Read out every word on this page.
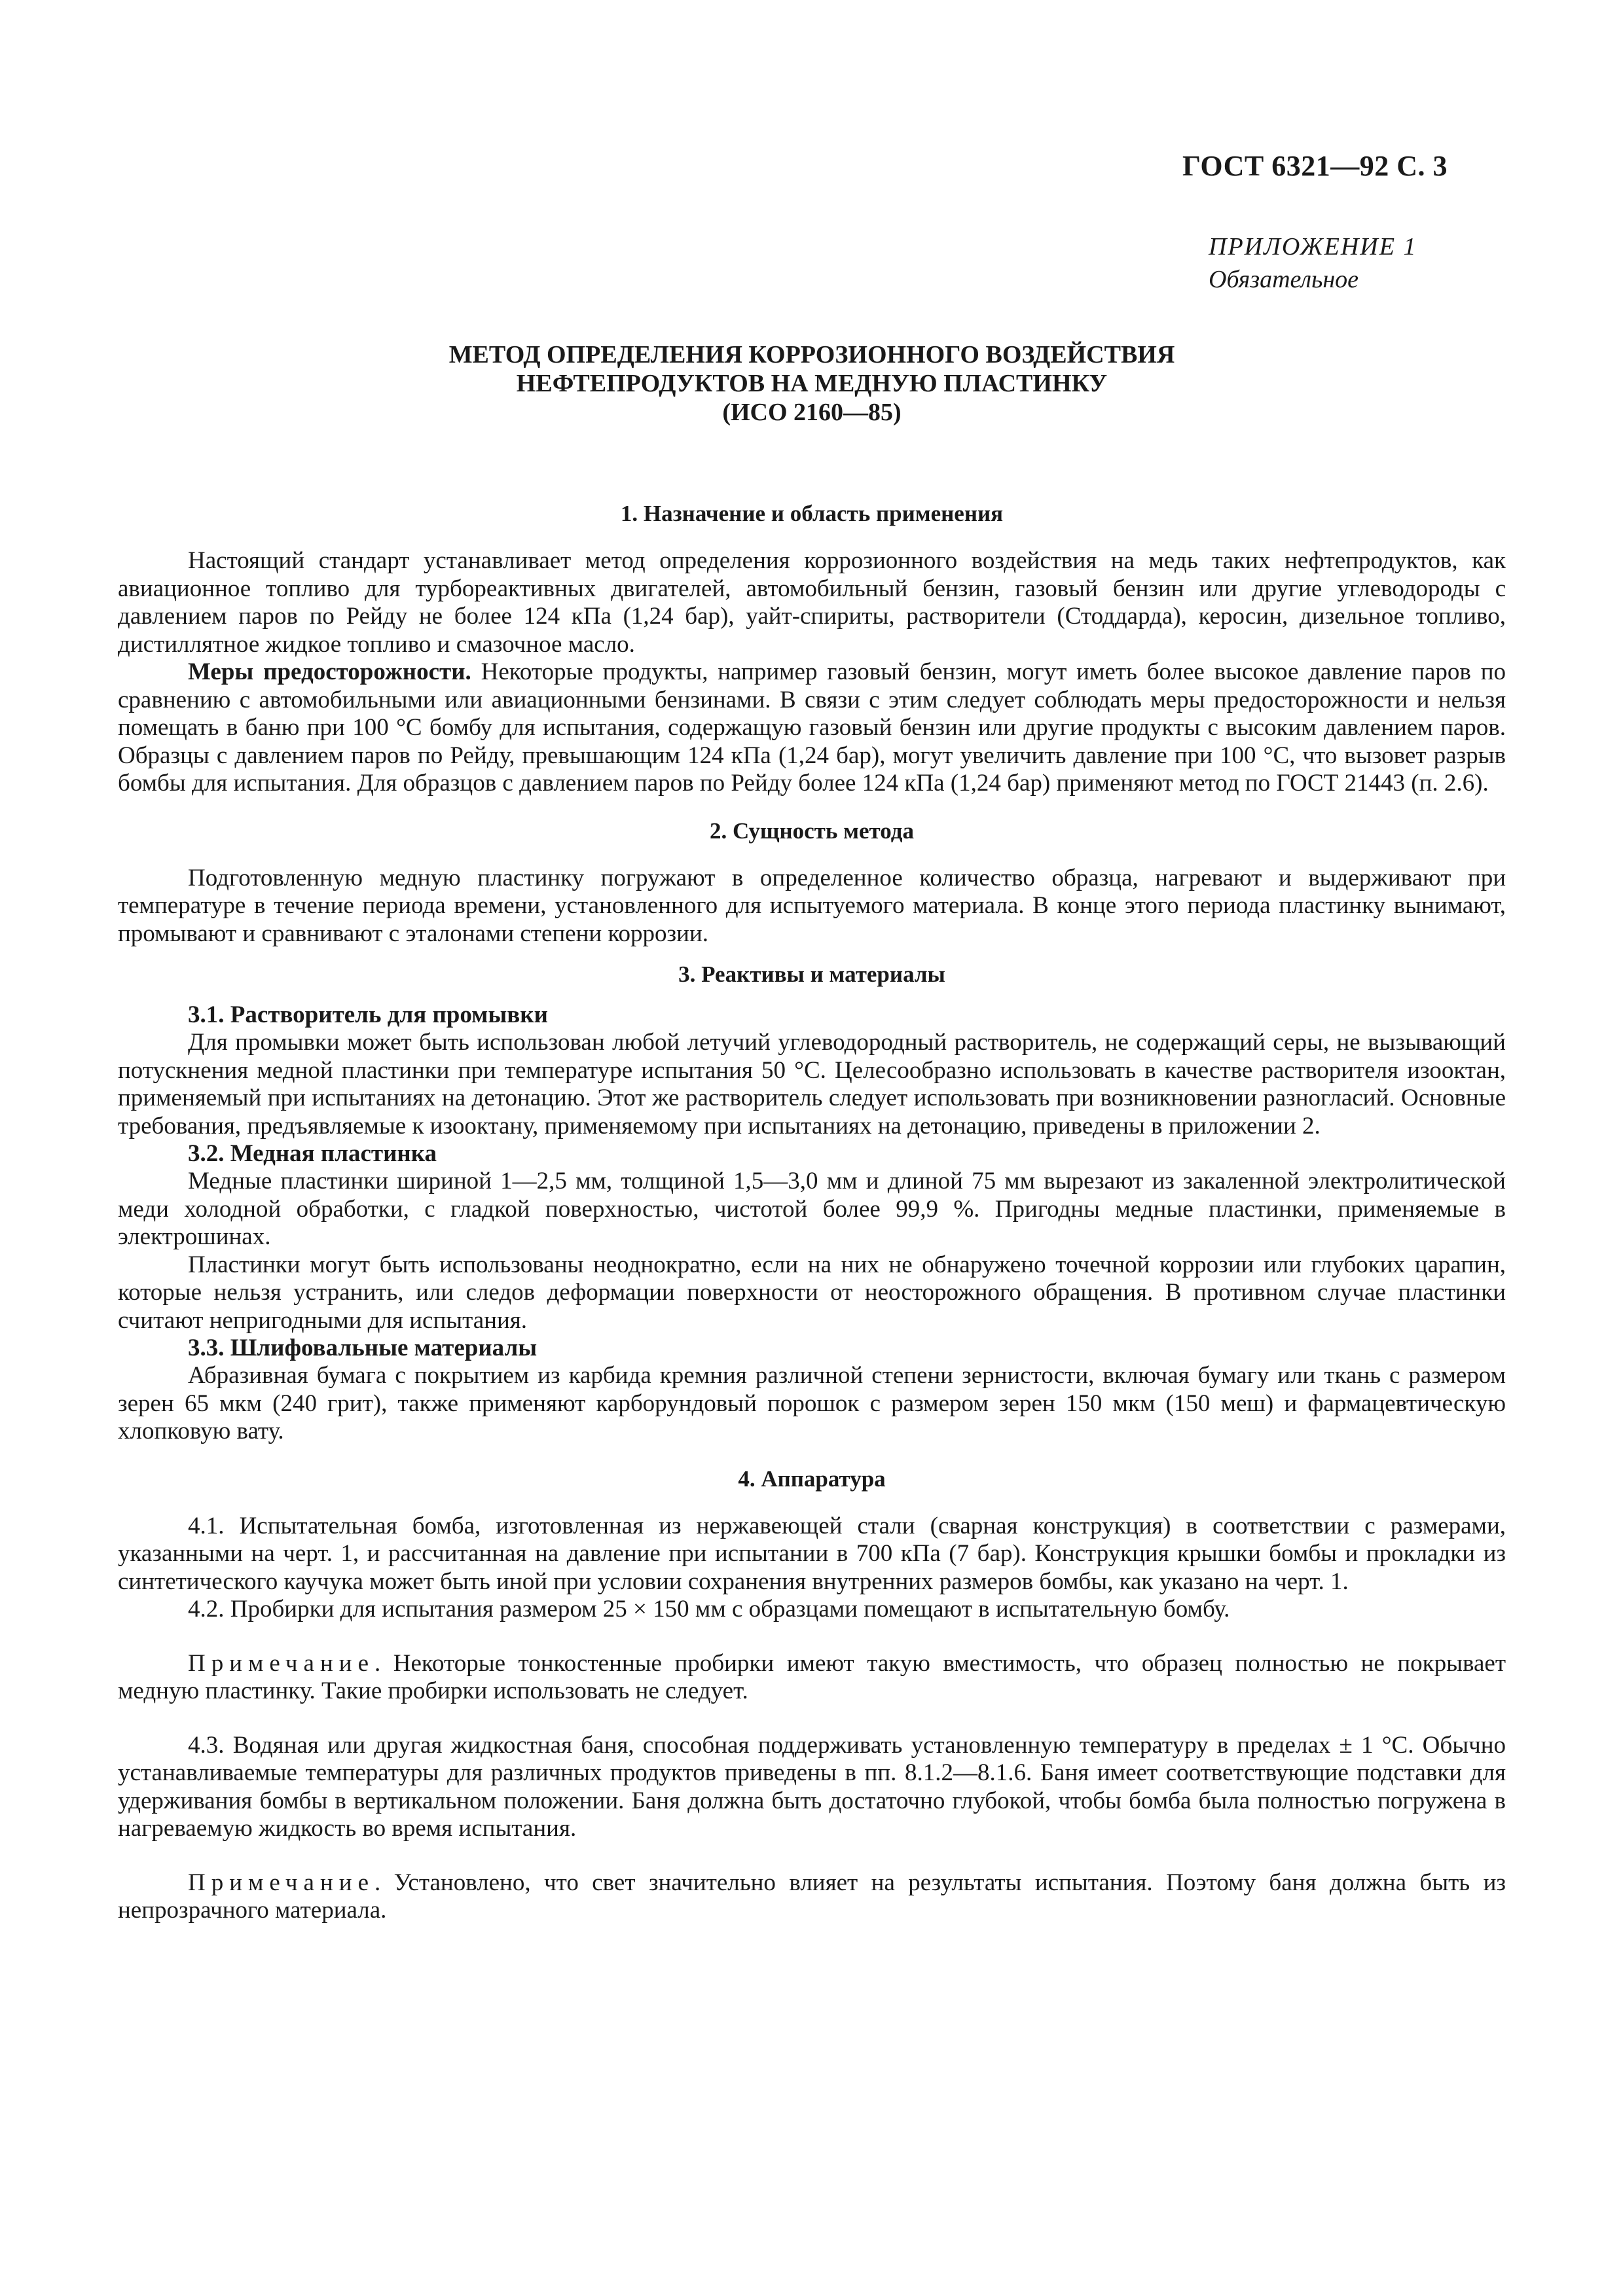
ГОСТ 6321—92 С. 3
ПРИЛОЖЕНИЕ 1
Обязательное
МЕТОД ОПРЕДЕЛЕНИЯ КОРРОЗИОННОГО ВОЗДЕЙСТВИЯ
НЕФТЕПРОДУКТОВ НА МЕДНУЮ ПЛАСТИНКУ
(ИСО 2160—85)
1. Назначение и область применения

Настоящий стандарт устанавливает метод определения коррозионного воздействия на медь таких нефтепродуктов, как авиационное топливо для турбореактивных двигателей, автомобильный бензин, газовый бензин или другие углеводороды с давлением паров по Рейду не более 124 кПа (1,24 бар), уайт-спириты, растворители (Стоддарда), керосин, дизельное топливо, дистиллятное жидкое топливо и смазочное масло.

Меры предосторожности. Некоторые продукты, например газовый бензин, могут иметь более высокое давление паров по сравнению с автомобильными или авиационными бензинами. В связи с этим следует соблюдать меры предосторожности и нельзя помещать в баню при 100 °С бомбу для испытания, содержащую газовый бензин или другие продукты с высоким давлением паров. Образцы с давлением паров по Рейду, превышающим 124 кПа (1,24 бар), могут увеличить давление при 100 °С, что вызовет разрыв бомбы для испытания. Для образцов с давлением паров по Рейду более 124 кПа (1,24 бар) применяют метод по ГОСТ 21443 (п. 2.6).

2. Сущность метода

Подготовленную медную пластинку погружают в определенное количество образца, нагревают и выдерживают при температуре в течение периода времени, установленного для испытуемого материала. В конце этого периода пластинку вынимают, промывают и сравнивают с эталонами степени коррозии.

3. Реактивы и материалы

3.1. Растворитель для промывки

Для промывки может быть использован любой летучий углеводородный растворитель, не содержащий серы, не вызывающий потускнения медной пластинки при температуре испытания 50 °С. Целесообразно использовать в качестве растворителя изооктан, применяемый при испытаниях на детонацию. Этот же растворитель следует использовать при возникновении разногласий. Основные требования, предъявляемые к изооктану, применяемому при испытаниях на детонацию, приведены в приложении 2.

3.2. Медная пластинка

Медные пластинки шириной 1—2,5 мм, толщиной 1,5—3,0 мм и длиной 75 мм вырезают из закаленной электролитической меди холодной обработки, с гладкой поверхностью, чистотой более 99,9 %. Пригодны медные пластинки, применяемые в электрошинах.

Пластинки могут быть использованы неоднократно, если на них не обнаружено точечной коррозии или глубоких царапин, которые нельзя устранить, или следов деформации поверхности от неосторожного обращения. В противном случае пластинки считают непригодными для испытания.

3.3. Шлифовальные материалы

Абразивная бумага с покрытием из карбида кремния различной степени зернистости, включая бумагу или ткань с размером зерен 65 мкм (240 грит), также применяют карборундовый порошок с размером зерен 150 мкм (150 меш) и фармацевтическую хлопковую вату.

4. Аппаратура

4.1. Испытательная бомба, изготовленная из нержавеющей стали (сварная конструкция) в соответствии с размерами, указанными на черт. 1, и рассчитанная на давление при испытании в 700 кПа (7 бар). Конструкция крышки бомбы и прокладки из синтетического каучука может быть иной при условии сохранения внутренних размеров бомбы, как указано на черт. 1.

4.2. Пробирки для испытания размером 25 × 150 мм с образцами помещают в испытательную бомбу.

Примечание. Некоторые тонкостенные пробирки имеют такую вместимость, что образец полностью не покрывает медную пластинку. Такие пробирки использовать не следует.

4.3. Водяная или другая жидкостная баня, способная поддерживать установленную температуру в пределах ± 1 °С. Обычно устанавливаемые температуры для различных продуктов приведены в пп. 8.1.2—8.1.6. Баня имеет соответствующие подставки для удерживания бомбы в вертикальном положении. Баня должна быть достаточно глубокой, чтобы бомба была полностью погружена в нагреваемую жидкость во время испытания.

Примечание. Установлено, что свет значительно влияет на результаты испытания. Поэтому баня должна быть из непрозрачного материала.
